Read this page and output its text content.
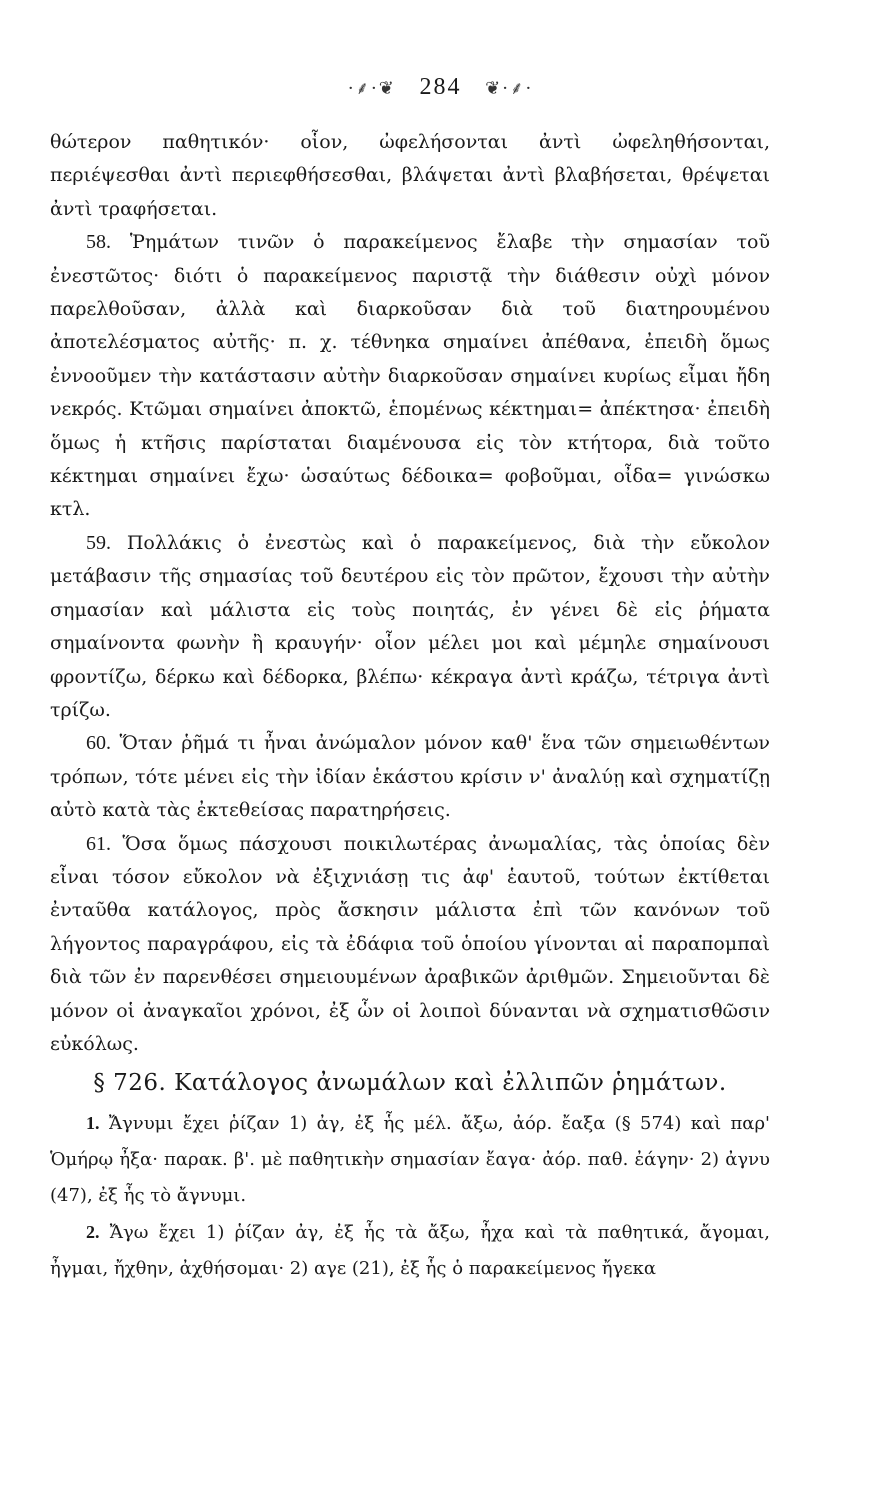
·⸙·❦ 284 ❦·⸙·

θώτερον παθητικόν· οἷον, ὠφελήσονται ἀντὶ ὠφεληθήσονται, περιέψεσθαι ἀντὶ περιεφθήσεσθαι, βλάψεται ἀντὶ βλαβήσεται, θρέψεται ἀντὶ τραφήσεται.

58. Ῥημάτων τινῶν ὁ παρακείμενος ἔλαβε τὴν σημασίαν τοῦ ἐνεστῶτος· διότι ὁ παρακείμενος παριστᾷ τὴν διάθεσιν οὐχὶ μόνον παρελθοῦσαν, ἀλλὰ καὶ διαρκοῦσαν διὰ τοῦ διατηρουμένου ἀποτελέσματος αὐτῆς· π. χ. τέθνηκα σημαίνει ἀπέθανα, ἐπειδὴ ὅμως ἐννοοῦμεν τὴν κατάστασιν αὐτὴν διαρκοῦσαν σημαίνει κυρίως εἶμαι ἤδη νεκρός. Κτῶμαι σημαίνει ἀποκτῶ, ἑπομένως κέκτημαι= ἀπέκτησα· ἐπειδὴ ὅμως ἡ κτῆσις παρίσταται διαμένουσα εἰς τὸν κτήτορα, διὰ τοῦτο κέκτημαι σημαίνει ἔχω· ὡσαύτως δέδοικα= φοβοῦμαι, οἶδα= γινώσκω κτλ.

59. Πολλάκις ὁ ἐνεστὼς καὶ ὁ παρακείμενος, διὰ τὴν εὔκολον μετάβασιν τῆς σημασίας τοῦ δευτέρου εἰς τὸν πρῶτον, ἔχουσι τὴν αὐτὴν σημασίαν καὶ μάλιστα εἰς τοὺς ποιητάς, ἐν γένει δὲ εἰς ῥήματα σημαίνοντα φωνὴν ἢ κραυγήν· οἷον μέλει μοι καὶ μέμηλε σημαίνουσι φροντίζω, δέρκω καὶ δέδορκα, βλέπω· κέκραγα ἀντὶ κράζω, τέτριγα ἀντὶ τρίζω.

60. Ὅταν ῥῆμά τι ἦναι ἀνώμαλον μόνον καθ' ἕνα τῶν σημειωθέντων τρόπων, τότε μένει εἰς τὴν ἰδίαν ἑκάστου κρίσιν ν' ἀναλύῃ καὶ σχηματίζῃ αὐτὸ κατὰ τὰς ἐκτεθείσας παρατηρήσεις.

61. Ὅσα ὅμως πάσχουσι ποικιλωτέρας ἀνωμαλίας, τὰς ὁποίας δὲν εἶναι τόσον εὔκολον νὰ ἐξιχνιάσῃ τις ἀφ' ἑαυτοῦ, τούτων ἐκτίθεται ἐνταῦθα κατάλογος, πρὸς ἄσκησιν μάλιστα ἐπὶ τῶν κανόνων τοῦ λήγοντος παραγράφου, εἰς τὰ ἐδάφια τοῦ ὁποίου γίνονται αἱ παραπομπαὶ διὰ τῶν ἐν παρενθέσει σημειουμένων ἀραβικῶν ἀριθμῶν. Σημειοῦνται δὲ μόνον οἱ ἀναγκαῖοι χρόνοι, ἐξ ὧν οἱ λοιποὶ δύνανται νὰ σχηματισθῶσιν εὐκόλως.

§ 726. Κατάλογος ἀνωμάλων καὶ ἐλλιπῶν ῥημάτων.

1. Ἄγνυμι ἔχει ῥίζαν 1) ἀγ, ἐξ ἧς μέλ. ἄξω, ἀόρ. ἔαξα (§ 574) καὶ παρ' Ὁμήρῳ ἦξα· παρακ. β'. μὲ παθητικὴν σημασίαν ἔαγα· ἀόρ. παθ. ἐάγην· 2) ἀγνυ (47), ἐξ ἧς τὸ ἄγνυμι.

2. Ἄγω ἔχει 1) ῥίζαν ἀγ, ἐξ ἧς τὰ ἄξω, ἦχα καὶ τὰ παθητικά, ἄγομαι, ἦγμαι, ἤχθην, ἀχθήσομαι· 2) αγε (21), ἐξ ἧς ὁ παρακείμενος ἤγεκα
